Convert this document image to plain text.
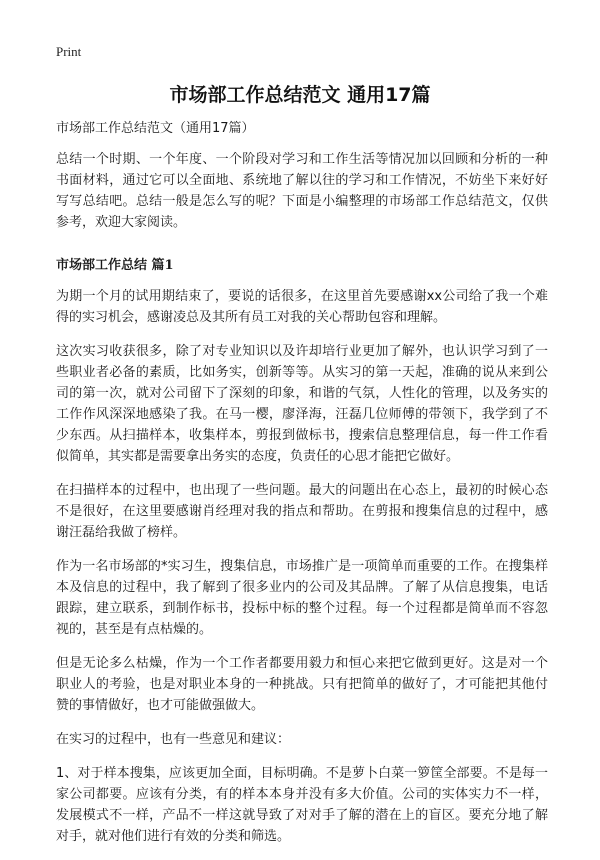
Print
市场部工作总结范文 通用17篇

市场部工作总结范文（通用17篇）

总结一个时期、一个年度、一个阶段对学习和工作生活等情况加以回顾和分析的一种书面材料，通过它可以全面地、系统地了解以往的学习和工作情况，不妨坐下来好好写写总结吧。总结一般是怎么写的呢？下面是小编整理的市场部工作总结范文，仅供参考，欢迎大家阅读。

市场部工作总结 篇1

为期一个月的试用期结束了，要说的话很多，在这里首先要感谢xx公司给了我一个难得的实习机会，感谢凌总及其所有员工对我的关心帮助包容和理解。

这次实习收获很多，除了对专业知识以及许却培行业更加了解外，也认识学习到了一些职业者必备的素质，比如务实，创新等等。从实习的第一天起，准确的说从来到公司的第一次，就对公司留下了深刻的印象，和谐的气氛，人性化的管理，以及务实的工作作风深深地感染了我。在马一樱，廖泽海，汪磊几位师傅的带领下，我学到了不少东西。从扫描样本，收集样本，剪报到做标书，搜索信息整理信息，每一件工作看似简单，其实都是需要拿出务实的态度，负责任的心思才能把它做好。

在扫描样本的过程中，也出现了一些问题。最大的问题出在心态上，最初的时候心态不是很好，在这里要感谢肖经理对我的指点和帮助。在剪报和搜集信息的过程中，感谢汪磊给我做了榜样。

作为一名市场部的*实习生，搜集信息，市场推广是一项简单而重要的工作。在搜集样本及信息的过程中，我了解到了很多业内的公司及其品牌。了解了从信息搜集，电话跟踪，建立联系，到制作标书，投标中标的整个过程。每一个过程都是简单而不容忽视的，甚至是有点枯燥的。

但是无论多么枯燥，作为一个工作者都要用毅力和恒心来把它做到更好。这是对一个职业人的考验，也是对职业本身的一种挑战。只有把简单的做好了，才可能把其他付赞的事情做好，也才可能做强做大。

在实习的过程中，也有一些意见和建议：

1、对于样本搜集，应该更加全面，目标明确。不是萝卜白菜一箩筐全部要。不是每一家公司都要。应该有分类，有的样本本身并没有多大价值。公司的实体实力不一样，发展模式不一样，产品不一样这就导致了对对手了解的潜在上的盲区。要充分地了解对手，就对他们进行有效的分类和筛选。
